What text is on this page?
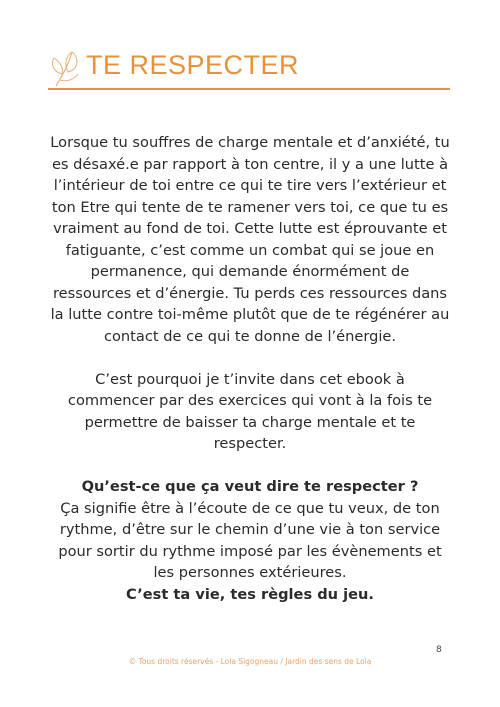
TE RESPECTER

Lorsque tu souffres de charge mentale et d’anxiété, tu es désaxé.e par rapport à ton centre, il y a une lutte à l’intérieur de toi entre ce qui te tire vers l’extérieur et ton Etre qui tente de te ramener vers toi, ce que tu es vraiment au fond de toi. Cette lutte est éprouvante et fatiguante, c’est comme un combat qui se joue en permanence, qui demande énormément de ressources et d’énergie. Tu perds ces ressources dans la lutte contre toi-même plutôt que de te régénérer au contact de ce qui te donne de l’énergie.

C’est pourquoi je t’invite dans cet ebook à commencer par des exercices qui vont à la fois te permettre de baisser ta charge mentale et te respecter.

Qu’est-ce que ça veut dire te respecter ?

Ça signifie être à l’écoute de ce que tu veux, de ton rythme, d’être sur le chemin d’une vie à ton service pour sortir du rythme imposé par les évènements et les personnes extérieures.

C’est ta vie, tes règles du jeu.

8
© Tous droits réservés - Lola Sigogneau / Jardin des sens de Lola
